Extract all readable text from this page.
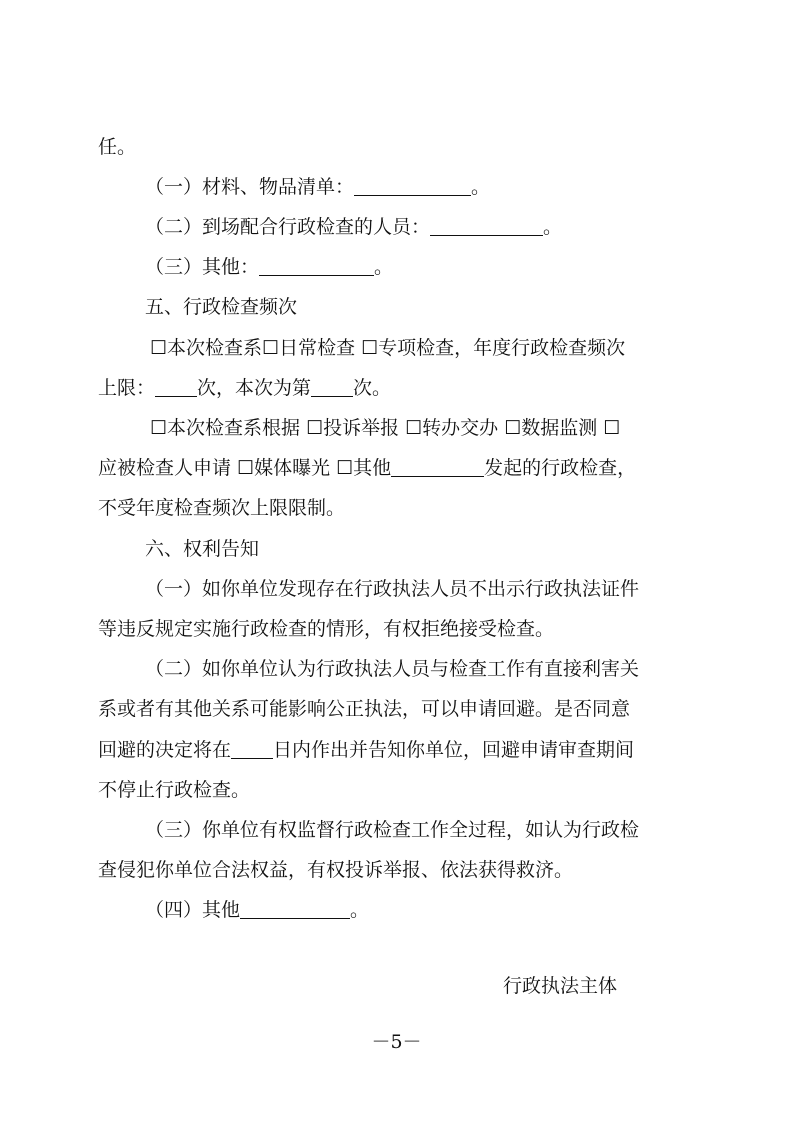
任。
（一）材料、物品清单：	。
（二）到场配合行政检查的人员：	。
（三）其他：	。
五、行政检查频次
☐本次检查系☐日常检查 ☐专项检查，年度行政检查频次
上限： 次，本次为第 次。
☐本次检查系根据 ☐投诉举报 ☐转办交办 ☐数据监测 ☐
应被检查人申请 ☐媒体曝光 ☐其他	发起的行政检查，
不受年度检查频次上限限制。
六、权利告知
（一）如你单位发现存在行政执法人员不出示行政执法证件
等违反规定实施行政检查的情形，有权拒绝接受检查。
（二）如你单位认为行政执法人员与检查工作有直接利害关
系或者有其他关系可能影响公正执法，可以申请回避。是否同意
回避的决定将在 日内作出并告知你单位，回避申请审查期间
不停止行政检查。
（三）你单位有权监督行政检查工作全过程，如认为行政检
查侵犯你单位合法权益，有权投诉举报、依法获得救济。
（四）其他	。
行政执法主体
－5－
